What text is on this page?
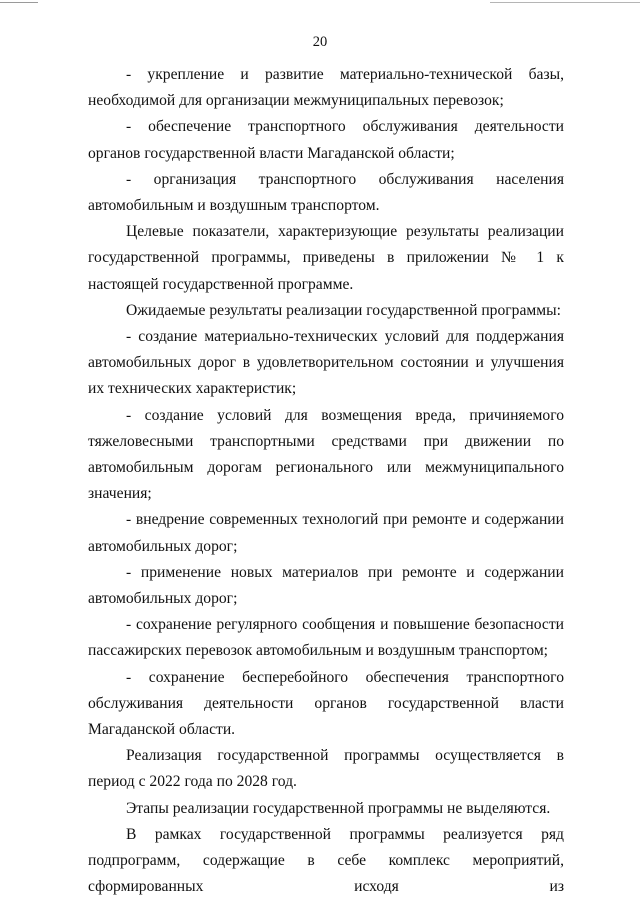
20

- укрепление и развитие материально-технической базы, необходимой для организации межмуниципальных перевозок;

- обеспечение транспортного обслуживания деятельности органов государственной власти Магаданской области;

- организация транспортного обслуживания населения автомобильным и воздушным транспортом.

Целевые показатели, характеризующие результаты реализации государственной программы, приведены в приложении № 1 к настоящей государственной программе.

Ожидаемые результаты реализации государственной программы:

- создание материально-технических условий для поддержания автомобильных дорог в удовлетворительном состоянии и улучшения их технических характеристик;

- создание условий для возмещения вреда, причиняемого тяжеловесными транспортными средствами при движении по автомобильным дорогам регионального или межмуниципального значения;

- внедрение современных технологий при ремонте и содержании автомобильных дорог;

- применение новых материалов при ремонте и содержании автомобильных дорог;

- сохранение регулярного сообщения и повышение безопасности пассажирских перевозок автомобильным и воздушным транспортом;

- сохранение бесперебойного обеспечения транспортного обслуживания деятельности органов государственной власти Магаданской области.

Реализация государственной программы осуществляется в период с 2022 года по 2028 год.

Этапы реализации государственной программы не выделяются.

В рамках государственной программы реализуется ряд подпрограмм, содержащие в себе комплекс мероприятий, сформированных исходя из
